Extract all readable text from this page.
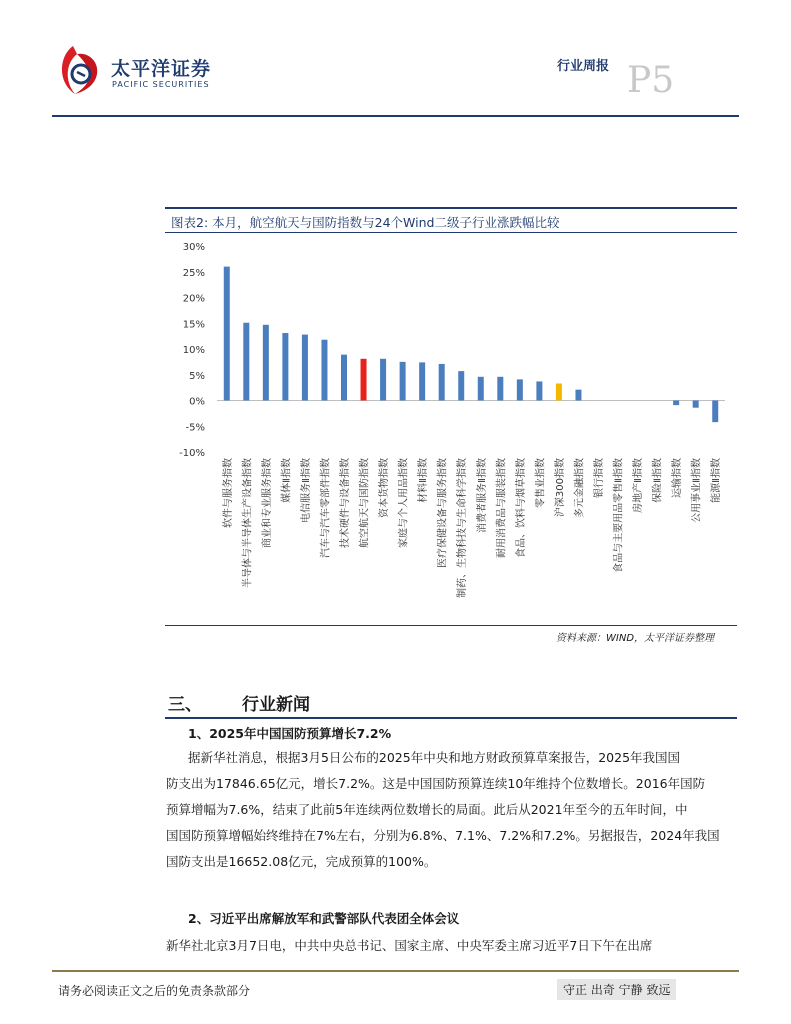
太平洋证券
PACIFIC SECURITIES
行业周报 P5
图表2: 本月，航空航天与国防指数与24个Wind二级子行业涨跌幅比较
-10%
-5%
0%
5%
10%
15%
20%
25%
30%
软件与服务指数 半导体与半导体生产设备指数 商业和专业服务指数 媒体Ⅱ指数 电信服务Ⅱ指数 汽车与汽车零部件指数 技术硬件与设备指数 航空航天与国防指数 资本货物指数 家庭与个人用品指数 材料Ⅱ指数 医疗保健设备与服务指数 制药、生物科技与生命科学指数 消费者服务Ⅱ指数 耐用消费品与服装指数 食品、饮料与烟草指数 零售业指数 沪深300指数 多元金融指数 银行指数 食品与主要用品零售Ⅱ指数 房地产Ⅱ指数 保险Ⅱ指数 运输指数 公用事业Ⅱ指数 能源Ⅱ指数
资料来源：WIND，太平洋证券整理
三、 行业新闻
1、2025年中国国防预算增长7.2%
据新华社消息，根据3月5日公布的2025年中央和地方财政预算草案报告，2025年我国国
防支出为17846.65亿元，增长7.2%。这是中国国防预算连续10年维持个位数增长。2016年国防
预算增幅为7.6%，结束了此前5年连续两位数增长的局面。此后从2021年至今的五年时间，中
国国防预算增幅始终维持在7%左右，分别为6.8%、7.1%、7.2%和7.2%。另据报告，2024年我国
国防支出是16652.08亿元，完成预算的100%。
2、习近平出席解放军和武警部队代表团全体会议
新华社北京3月7日电，中共中央总书记、国家主席、中央军委主席习近平7日下午在出席
请务必阅读正文之后的免责条款部分	守正 出奇 宁静 致远
